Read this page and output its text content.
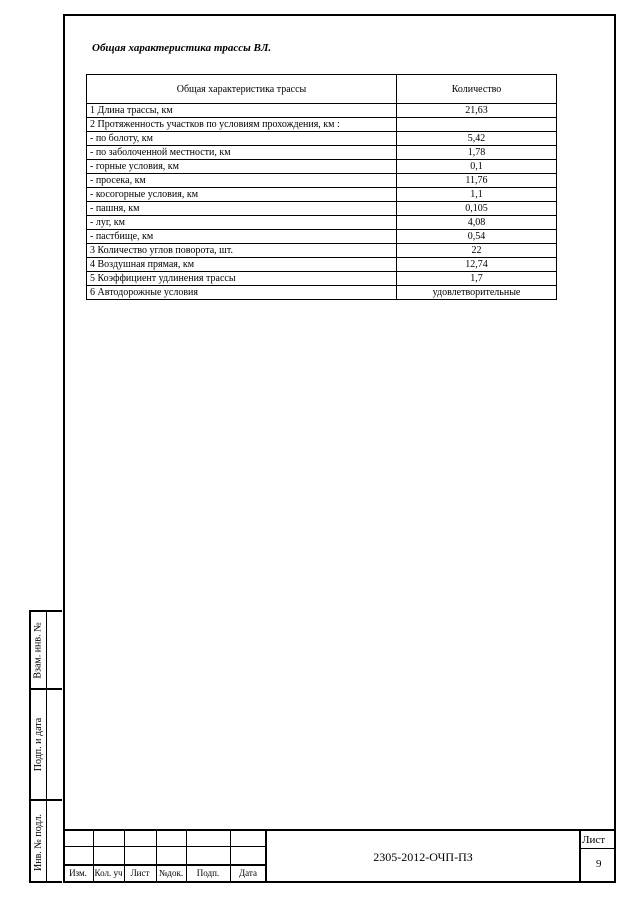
Общая характеристика трассы ВЛ.
Общая характеристика трассы	Количество
1 Длина трассы, км	21,63
2 Протяженность участков по условиям прохождения, км :	
- по болоту, км	5,42
- по заболоченной местности, км	1,78
- горные условия, км	0,1
- просека, км	11,76
- косогорные условия, км	1,1
- пашня, км	0,105
- луг, км	4,08
- пастбище, км	0,54
3 Количество углов поворота, шт.	22
4 Воздушная прямая, км	12,74
5 Коэффициент удлинения трассы	1,7
6 Автодорожные условия	удовлетворительные
Взам. инв. №
Подп. и дата
Инв. № подл.
Изм. Кол. уч Лист	№док.	Подп.	Дата
2305-2012-ОЧП-ПЗ
Лист
9
